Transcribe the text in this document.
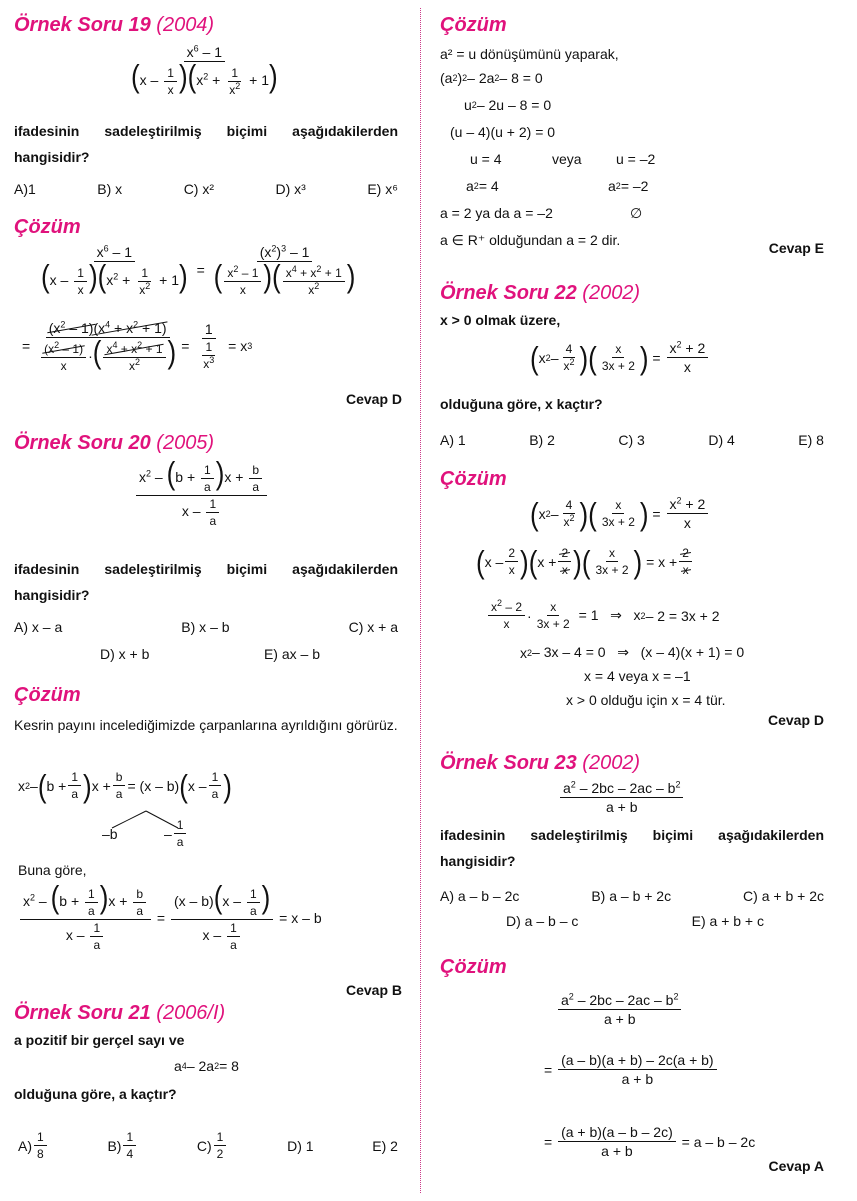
Örnek Soru 19 (2004)
$\frac{x^6 - 1}{(x - \frac{1}{x} )(x^2 + \frac{1}{x^2} + 1)}$
ifadesinin sadeleştirilmiş biçimi aşağıdakilerden hangisidir?
A)1	B) x	C) x²	D) x³	E) x⁶
Çözüm
$\frac{x^6 - 1}{(x - \frac{1}{x} )(x^2 + \frac{1}{x^2} + 1)} = \frac{(x^2)^3 - 1}{( \frac{x^2 - 1}{x} )( \frac{x^4 + x^2 + 1}{x^2} )}$
= $\frac{(x^2 - 1)(x^4 + x^2 + 1)}{\frac{(x^2 - 1)}{x} \cdot( \frac{x^4 + x^2 + 1}{x^2} )} = \frac{1}{\frac{1}{x^3}} = x$ 3
Cevap D
Örnek Soru 20 (2005)
$\frac{x^2 - (b + \frac{1}{a} )x + \frac{b}{a}}{x - \frac{1}{a}}$
ifadesinin sadeleştirilmiş biçimi aşağıdakilerden hangisidir?
A) x – a	B) x – b	C) x + a
D) x + b	E) ax – b
Çözüm
Kesrin payını incelediğimizde çarpanlarına ayrıldığını görürüz.
x 2 – ( $b + \frac{1}{a}$ ) $x + \frac{b}{a} = (x - b)$ ( x – $\frac{1}{a}$ )
–b	– $\frac{1}{a}$
Buna göre,
$\frac{x^2 - (b + \frac{1}{a} )x + \frac{b}{a}}{x - \frac{1}{a}} = \frac{(x - b)(x - \frac{1}{a} )}{x - \frac{1}{a}} = x - b$
Cevap B
Örnek Soru 21 (2006/I)
a pozitif bir gerçel sayı ve
a 4 – 2a 2 = 8
olduğuna göre, a kaçtır?
$A) \frac{1}{8}$	$B) \frac{1}{4}$	$C) \frac{1}{2}$	D) 1	E) 2
Çözüm
a² = u dönüşümünü yaparak,
(a 2 ) 2 – 2a 2 – 8 = 0
u 2 – 2u – 8 = 0
(u – 4)(u + 2) = 0
u = 4	veya u = –2
a 2 = 4	a 2 = –2
a = 2 ya da a = –2	∅
a ∈ R⁺ olduğundan a = 2 dir.	Cevap E
Örnek Soru 22 (2002)
x > 0 olmak üzere,
( x $2 - \frac{4}{x^2}$ ) ( $\frac{x}{3x + 2}$ ) = $\frac{x^2 + 2}{x}$
olduğuna göre, x kaçtır?
A) 1	B) 2	C) 3	D) 4	E) 8
Çözüm
( x $2 - \frac{4}{x^2}$ ) ( $\frac{x}{3x + 2}$ ) = $\frac{x^2 + 2}{x}$
( x – $\frac{2}{x}$ ) ( $x + \frac{2}{x}$ ) ( $\frac{x}{3x + 2}$ ) = $x + \frac{2}{x}$
$\frac{x^2 - 2}{x} \cdot \frac{x}{3x + 2} = 1$   ⇒   x 2 – 2 = 3x + 2
x 2 – 3x – 4 = 0   ⇒   (x – 4)(x + 1) = 0
x = 4 veya x = –1
x > 0 olduğu için x = 4 tür.
Cevap D
Örnek Soru 23 (2002)
$\frac{a^2 - 2bc - 2ac - b^2}{a + b}$
ifadesinin sadeleştirilmiş biçimi aşağıdakilerden hangisidir?
A) a – b – 2c	B) a – b + 2c	C) a + b + 2c
D) a – b – c	E) a + b + c
Çözüm
$\frac{a^2 - 2bc - 2ac - b^2}{a + b}$
= $\frac{(a - b)(a + b) - 2c(a + b)}{a + b}$
= $\frac{(a + b)(a - b - 2c)}{a + b} = a - b - 2c$
Cevap A
